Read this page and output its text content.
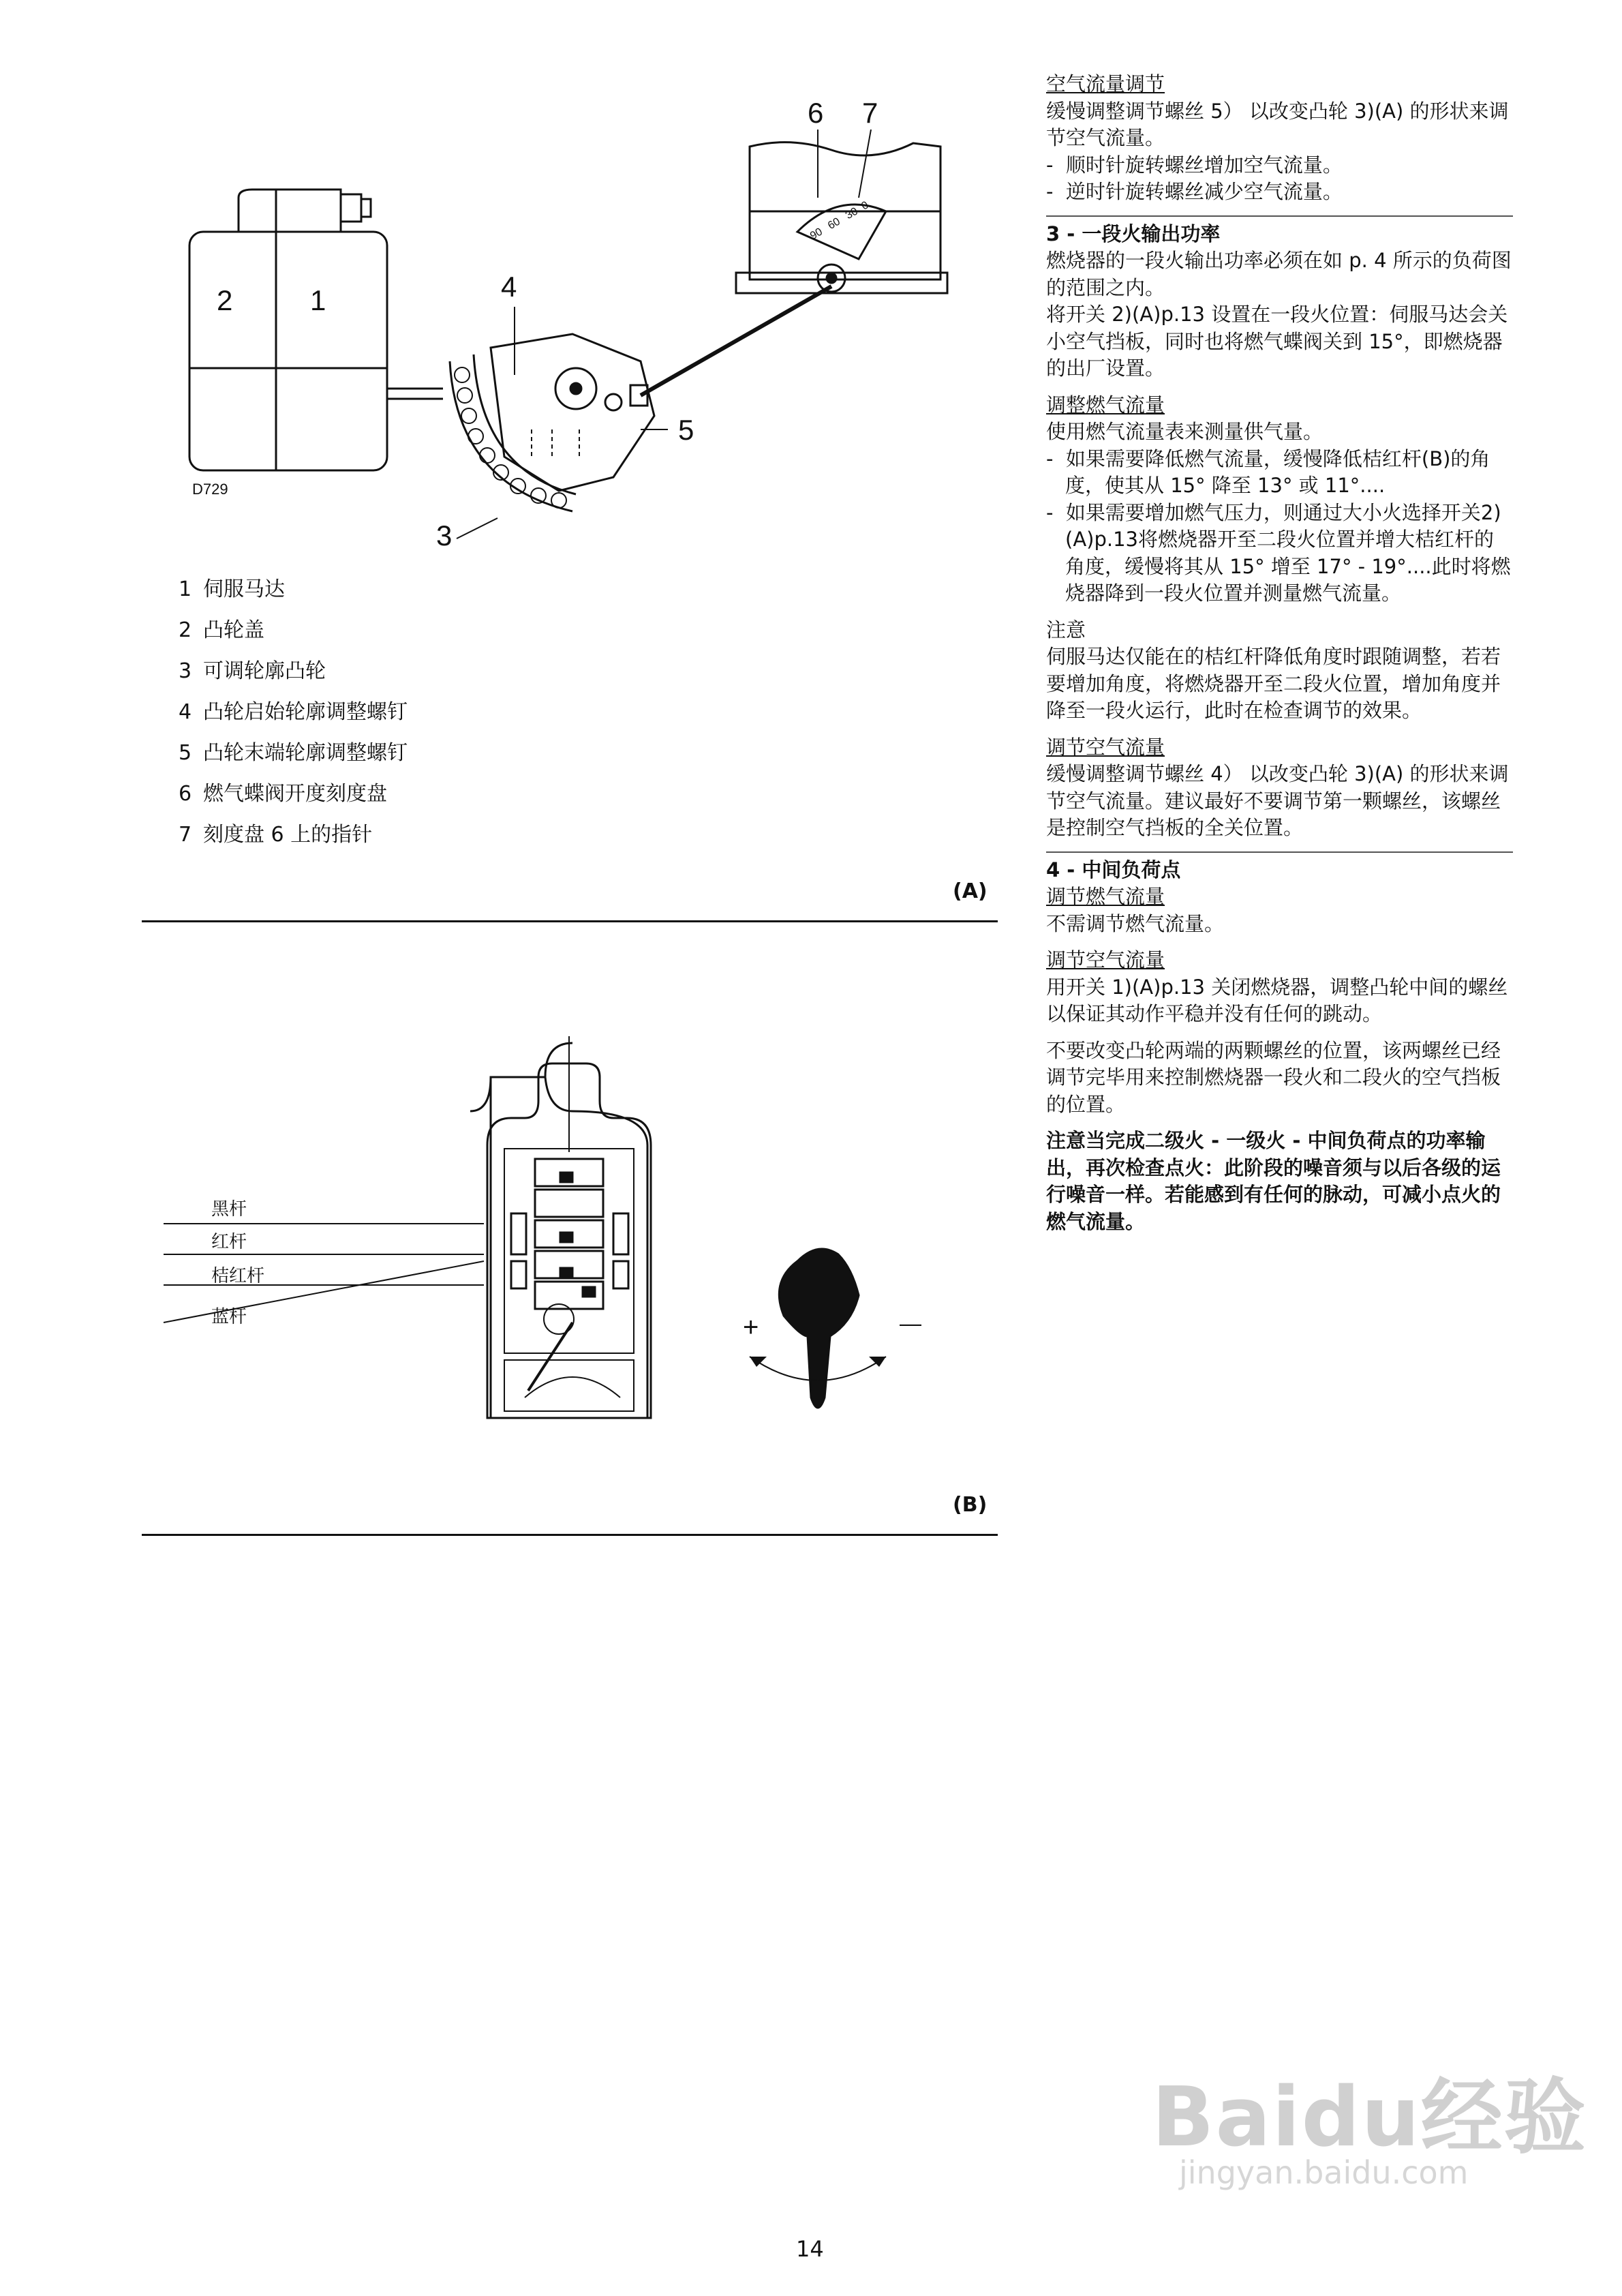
2	1	4
5
3
6 7
D729
0
30
60
90
1 伺服马达
2 凸轮盖
3 可调轮廓凸轮
4 凸轮启始轮廓调整螺钉
5 凸轮末端轮廓调整螺钉
6 燃气蝶阀开度刻度盘
7 刻度盘 6 上的指针
(A)
黑杆
红杆
桔红杆
蓝杆	+	—
(B)

空气流量调节

缓慢调整调节螺丝 5） 以改变凸轮 3)(A) 的形状来调节空气流量。

-  顺时针旋转螺丝增加空气流量。

-  逆时针旋转螺丝减少空气流量。

3 - 一段火输出功率

燃烧器的一段火输出功率必须在如 p. 4 所示的负荷图的范围之内。

将开关 2)(A)p.13 设置在一段火位置：伺服马达会关小空气挡板，同时也将燃气蝶阀关到 15°，即燃烧器的出厂设置。

调整燃气流量

使用燃气流量表来测量供气量。

-  如果需要降低燃气流量，缓慢降低桔红杆(B)的角度，使其从 15° 降至 13° 或 11°....

-  如果需要增加燃气压力，则通过大小火选择开关2)(A)p.13将燃烧器开至二段火位置并增大桔红杆的角度，缓慢将其从 15° 增至 17° - 19°....此时将燃烧器降到一段火位置并测量燃气流量。

注意

伺服马达仅能在的桔红杆降低角度时跟随调整，若若要增加角度，将燃烧器开至二段火位置，增加角度并降至一段火运行，此时在检查调节的效果。

调节空气流量

缓慢调整调节螺丝 4） 以改变凸轮 3)(A) 的形状来调节空气流量。建议最好不要调节第一颗螺丝，该螺丝是控制空气挡板的全关位置。

4 - 中间负荷点

调节燃气流量

不需调节燃气流量。

调节空气流量

用开关 1)(A)p.13 关闭燃烧器，调整凸轮中间的螺丝以保证其动作平稳并没有任何的跳动。

不要改变凸轮两端的两颗螺丝的位置，该两螺丝已经调节完毕用来控制燃烧器一段火和二段火的空气挡板的位置。

注意当完成二级火 - 一级火 - 中间负荷点的功率输出，再次检查点火：此阶段的噪音须与以后各级的运行噪音一样。若能感到有任何的脉动，可减小点火的燃气流量。

Baidu经验
jingyan.baidu.com
14
